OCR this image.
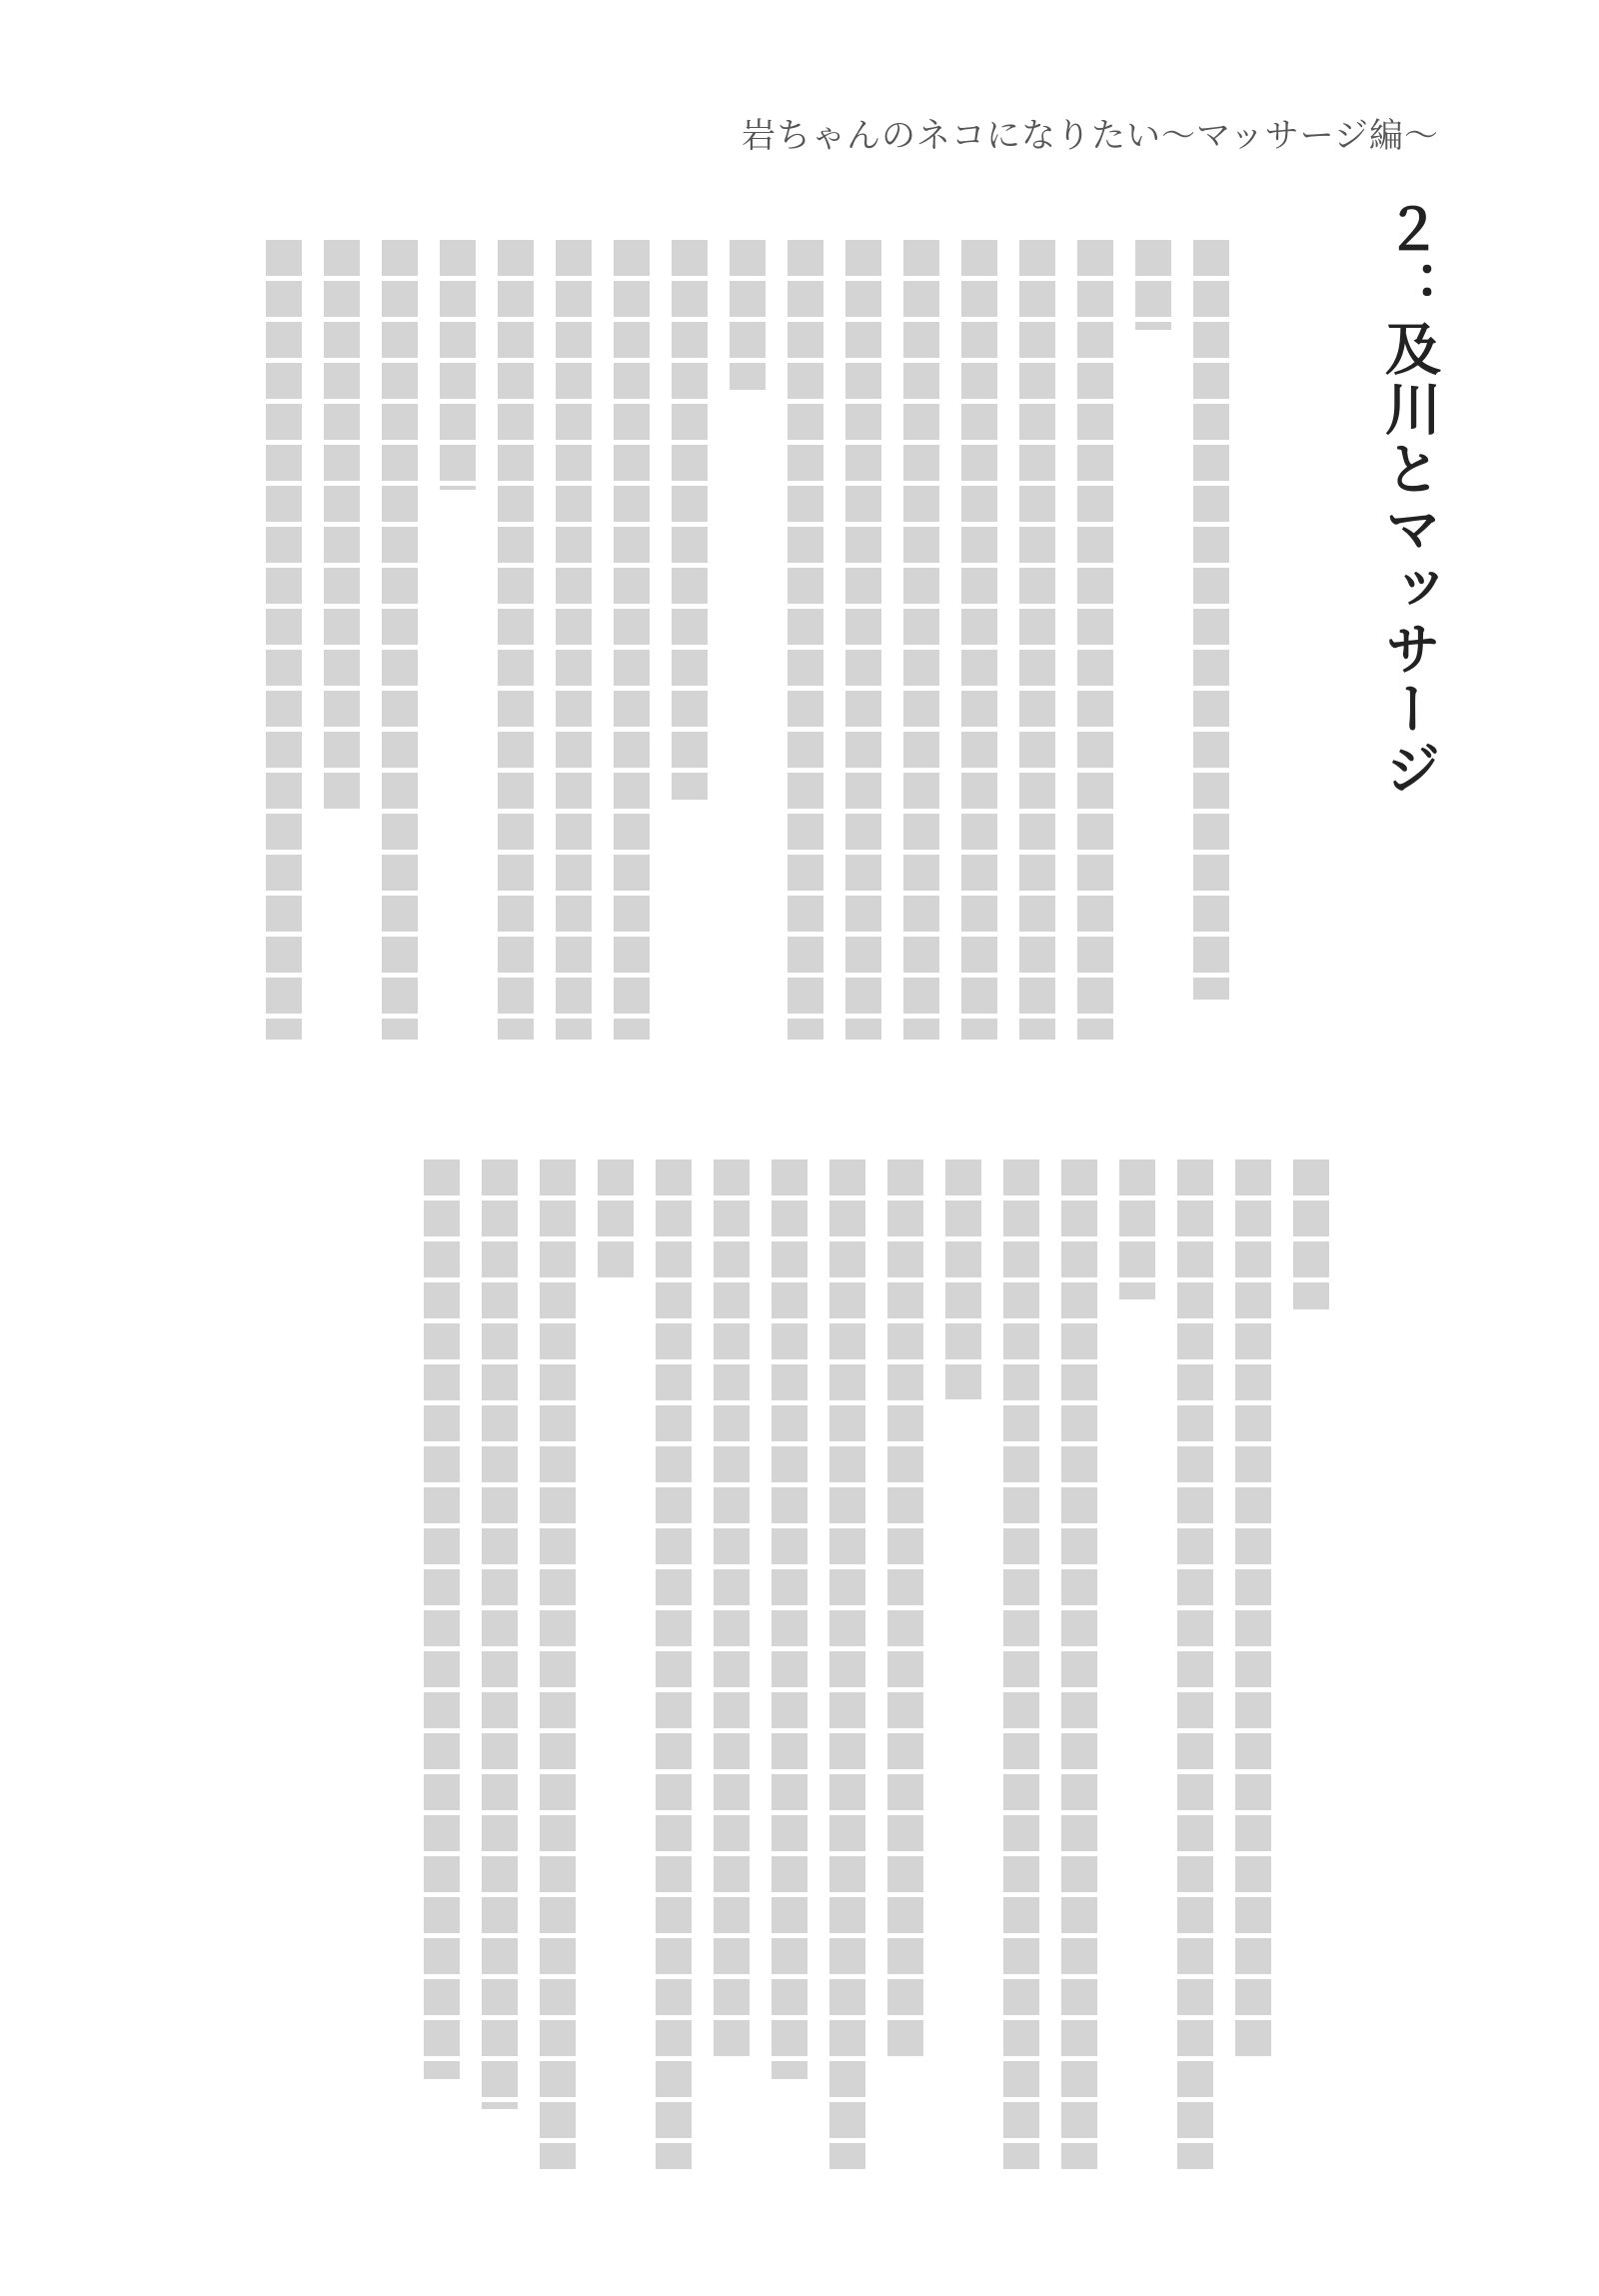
岩ちゃんのネコになりたい〜マッサージ編〜
２：及川とマッサージ
